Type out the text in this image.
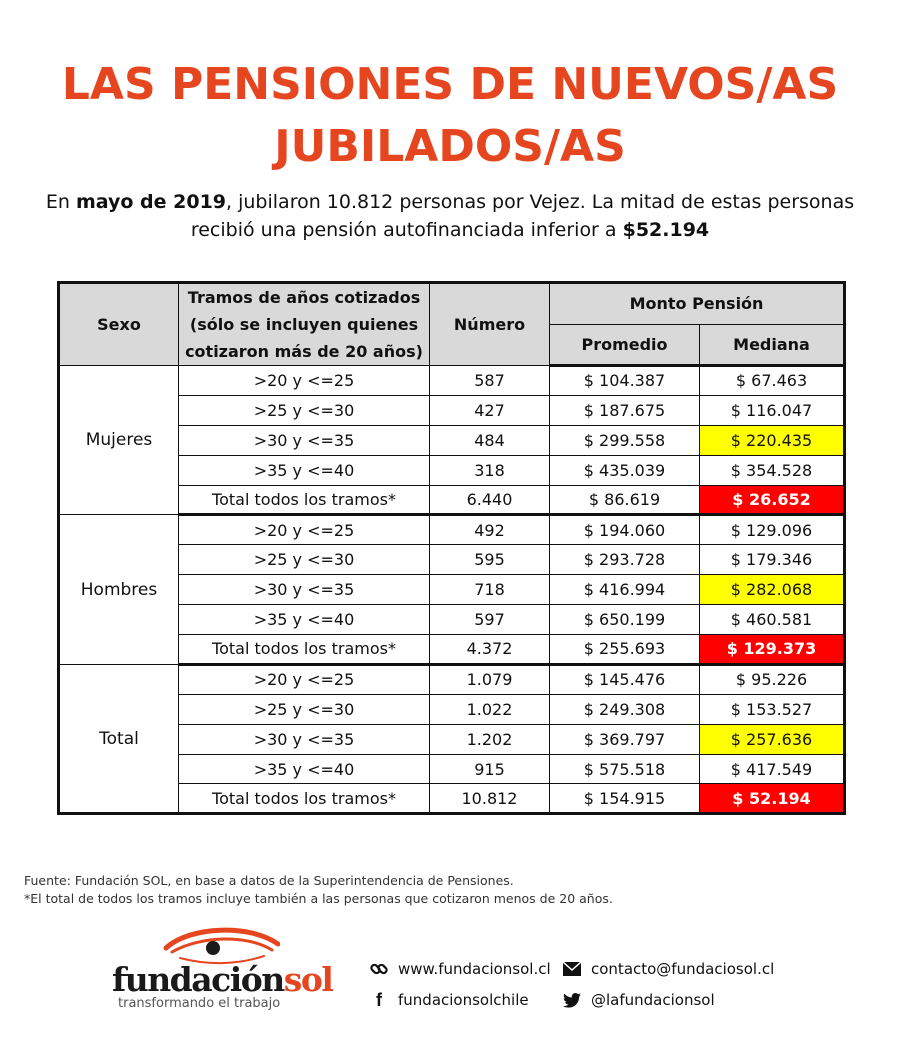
LAS PENSIONES DE NUEVOS/AS
JUBILADOS/AS
En mayo de 2019, jubilaron 10.812 personas por Vejez. La mitad de estas personas recibió una pensión autofinanciada inferior a $52.194
Sexo	Tramos de años cotizados (sólo se incluyen quienes cotizaron más de 20 años)	Número	Monto Pensión	
			Promedio	Mediana
Mujeres	>20 y <=25	587	$ 104.387	$ 67.463
	>25 y <=30	427	$ 187.675	$ 116.047
	>30 y <=35	484	$ 299.558	$ 220.435
	>35 y <=40	318	$ 435.039	$ 354.528
	Total todos los tramos*	6.440	$ 86.619	$ 26.652
Hombres	>20 y <=25	492	$ 194.060	$ 129.096
	>25 y <=30	595	$ 293.728	$ 179.346
	>30 y <=35	718	$ 416.994	$ 282.068
	>35 y <=40	597	$ 650.199	$ 460.581
	Total todos los tramos*	4.372	$ 255.693	$ 129.373
Total	>20 y <=25	1.079	$ 145.476	$ 95.226
	>25 y <=30	1.022	$ 249.308	$ 153.527
	>30 y <=35	1.202	$ 369.797	$ 257.636
	>35 y <=40	915	$ 575.518	$ 417.549
	Total todos los tramos*	10.812	$ 154.915	$ 52.194
Fuente: Fundación SOL, en base a datos de la Superintendencia de Pensiones.
*El total de todos los tramos incluye también a las personas que cotizaron menos de 20 años.
fundaciónsol
transformando el trabajo
www.fundacionsol.cl	contacto@fundaciosol.cl
f	fundacionsolchile	@lafundacionsol
